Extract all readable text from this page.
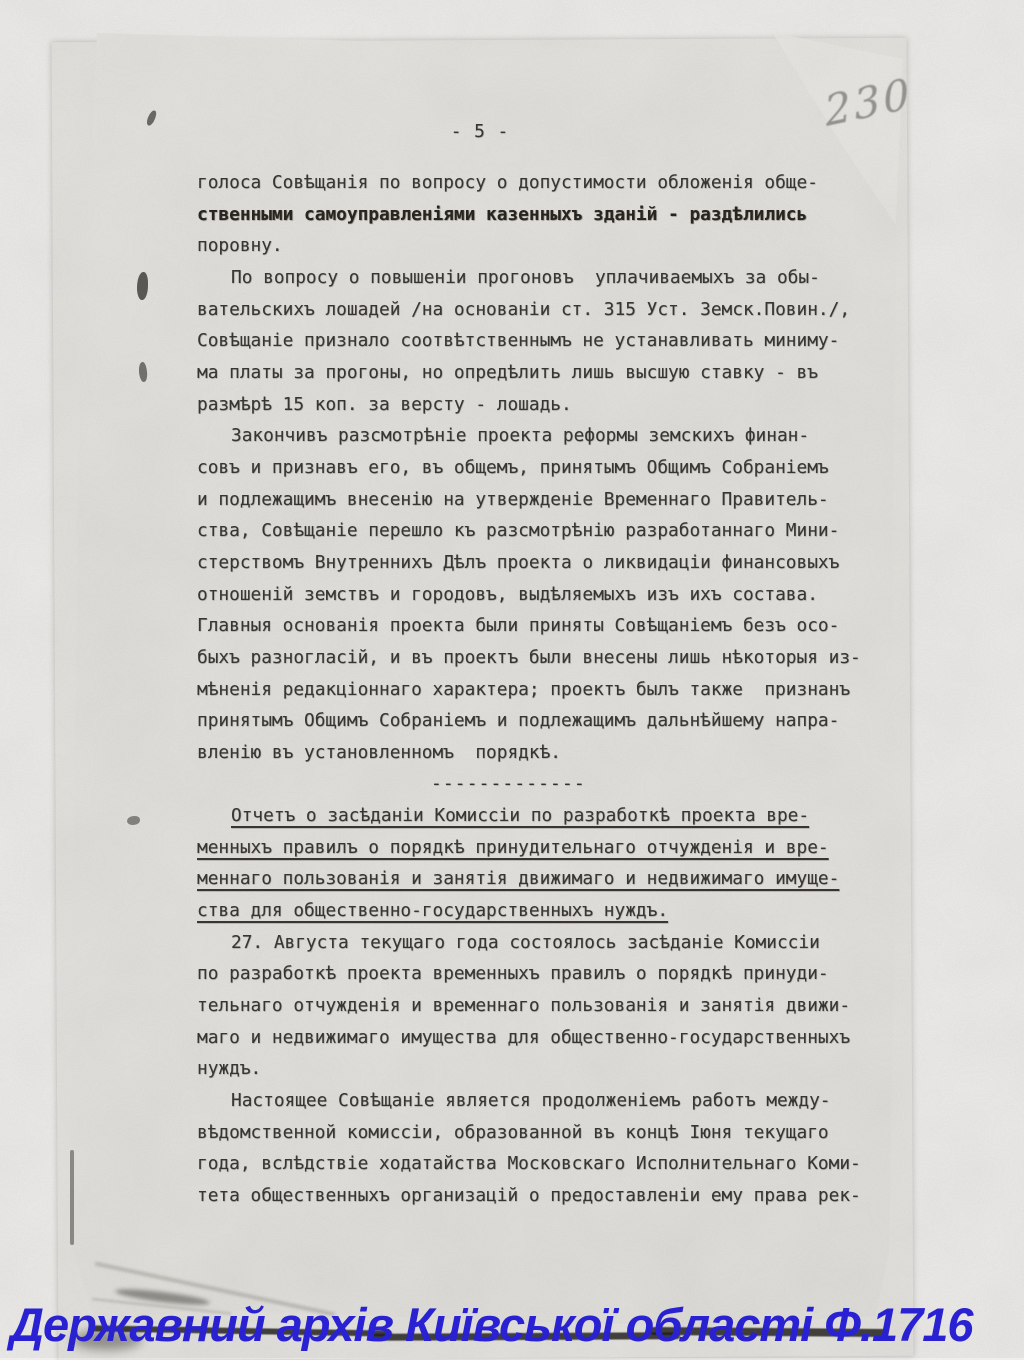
230
- 5 -
голоса Совѣщанія по вопросу о допустимости обложенія обще-
ственными самоуправленіями казенныхъ зданій - раздѣлились
поровну.
По вопросу о повышеніи прогоновъ  уплачиваемыхъ за обы-
вательскихъ лошадей /на основаніи ст. 315 Уст. Земск.Повин./,
Совѣщаніе признало соотвѣтственнымъ не устанавливать миниму-
ма платы за прогоны, но опредѣлить лишь высшую ставку - въ
размѣрѣ 15 коп. за версту - лошадь.
Закончивъ разсмотрѣніе проекта реформы земскихъ финан-
совъ и признавъ его, въ общемъ, принятымъ Общимъ Собраніемъ
и подлежащимъ внесенію на утвержденіе Временнаго Правитель-
ства, Совѣщаніе перешло къ разсмотрѣнію разработаннаго Мини-
стерствомъ Внутреннихъ Дѣлъ проекта о ликвидаціи финансовыхъ
отношеній земствъ и городовъ, выдѣляемыхъ изъ ихъ состава.
Главныя основанія проекта были приняты Совѣщаніемъ безъ осо-
быхъ разногласій, и въ проектъ были внесены лишь нѣкоторыя из-
мѣненія редакціоннаго характера; проектъ былъ также  признанъ
принятымъ Общимъ Собраніемъ и подлежащимъ дальнѣйшему напра-
вленію въ установленномъ  порядкѣ.
-------------
Отчетъ о засѣданіи Комиссіи по разработкѣ проекта вре-
менныхъ правилъ о порядкѣ принудительнаго отчужденія и вре-
меннаго пользованія и занятія движимаго и недвижимаго имуще-
ства для общественно-государственныхъ нуждъ.
27. Августа текущаго года состоялось засѣданіе Комиссіи
по разработкѣ проекта временныхъ правилъ о порядкѣ принуди-
тельнаго отчужденія и временнаго пользованія и занятія движи-
маго и недвижимаго имущества для общественно-государственныхъ
нуждъ.
Настоящее Совѣщаніе является продолженіемъ работъ между-
вѣдомственной комиссіи, образованной въ концѣ Іюня текущаго
года, вслѣдствіе ходатайства Московскаго Исполнительнаго Коми-
тета общественныхъ организацій о предоставленіи ему права рек-
Державний архів Київської області Ф.1716
